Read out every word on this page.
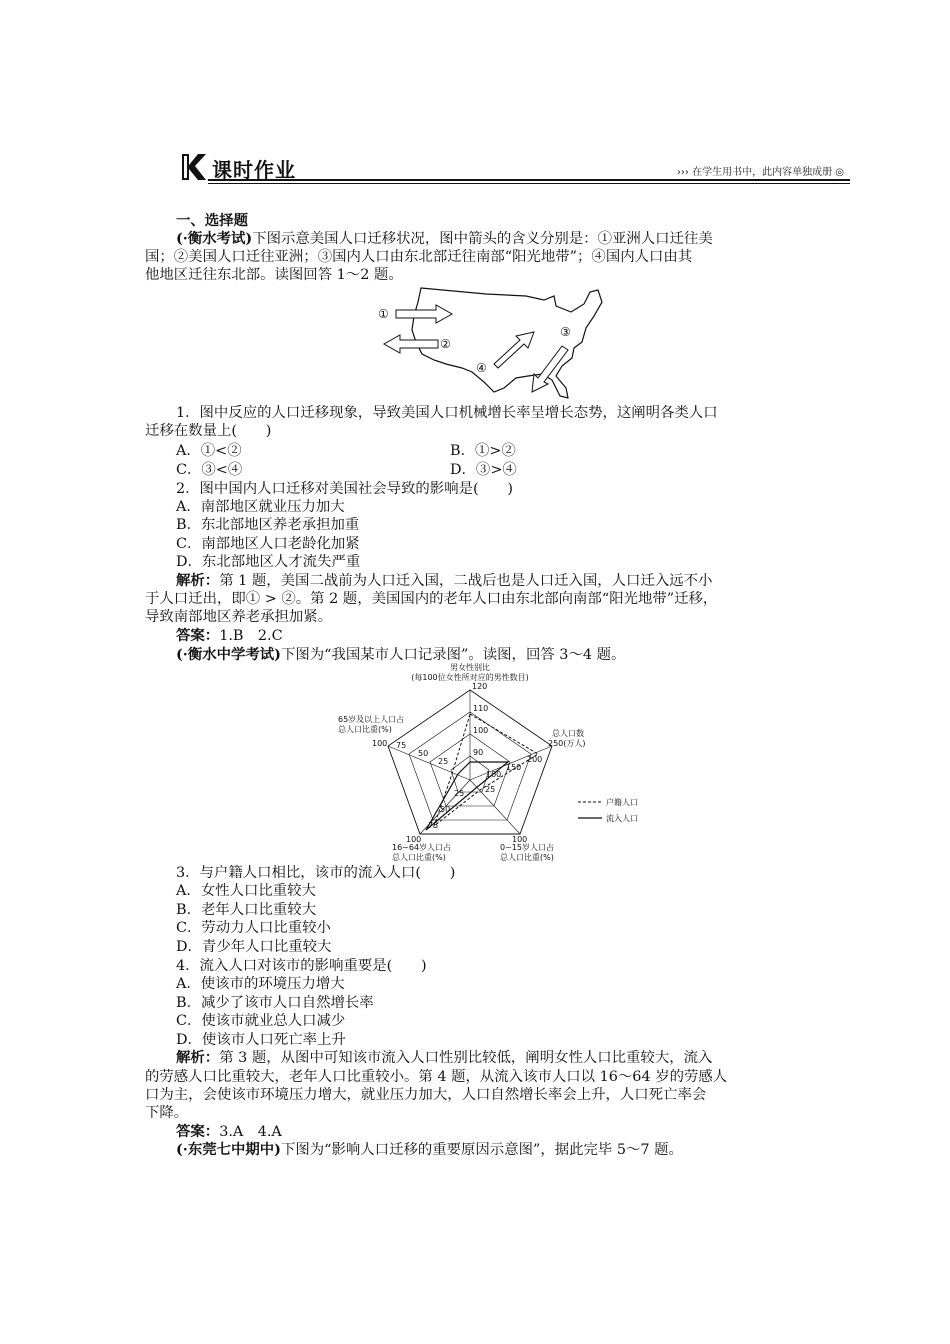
课时作业	››› 在学生用书中，此内容单独成册 ◎
一、选择题
(·衡水考试)下图示意美国人口迁移状况，图中箭头的含义分别是：①亚洲人口迁往美
国；②美国人口迁往亚洲；③国内人口由东北部迁往南部“阳光地带”；④国内人口由其
他地区迁往东北部。读图回答 1～2 题。
①
②
③
④
1．图中反应的人口迁移现象，导致美国人口机械增长率呈增长态势，这阐明各类人口
迁移在数量上(　　)
A．①<②	B．①>②
C．③<④	D．③>④
2．图中国内人口迁移对美国社会导致的影响是(　　)
A．南部地区就业压力加大
B．东北部地区养老承担加重
C．南部地区人口老龄化加紧
D．东北部地区人才流失严重
解析：第 1 题，美国二战前为人口迁入国，二战后也是人口迁入国，人口迁入远不小
于人口迁出，即① > ②。第 2 题，美国国内的老年人口由东北部向南部“阳光地带”迁移，
导致南部地区养老承担加紧。
答案：1.B　2.C
(·衡水中学考试)下图为“我国某市人口记录图”。读图，回答 3～4 题。
男女性别比
(每100位女性所对应的男性数目)
120
110
100
90
总人口数
250(万人)
200
150
100
65岁及以上人口占
总人口比重(%)
100 75
50
25
100
25
0~15岁人口占
总人口比重(%)
100
75
50
25
16~64岁人口占
总人口比重(%)
户籍人口
流入人口
3．与户籍人口相比，该市的流入人口(　　)
A．女性人口比重较大
B．老年人口比重较大
C．劳动力人口比重较小
D．青少年人口比重较大
4．流入人口对该市的影响重要是(　　)
A．使该市的环境压力增大
B．减少了该市人口自然增长率
C．使该市就业总人口减少
D．使该市人口死亡率上升
解析：第 3 题，从图中可知该市流入人口性别比较低，阐明女性人口比重较大，流入
的劳感人口比重较大，老年人口比重较小。第 4 题，从流入该市人口以 16～64 岁的劳感人
口为主，会使该市环境压力增大，就业压力加大，人口自然增长率会上升，人口死亡率会
下降。
答案：3.A　4.A
(·东莞七中期中)下图为“影响人口迁移的重要原因示意图”，据此完毕 5～7 题。
